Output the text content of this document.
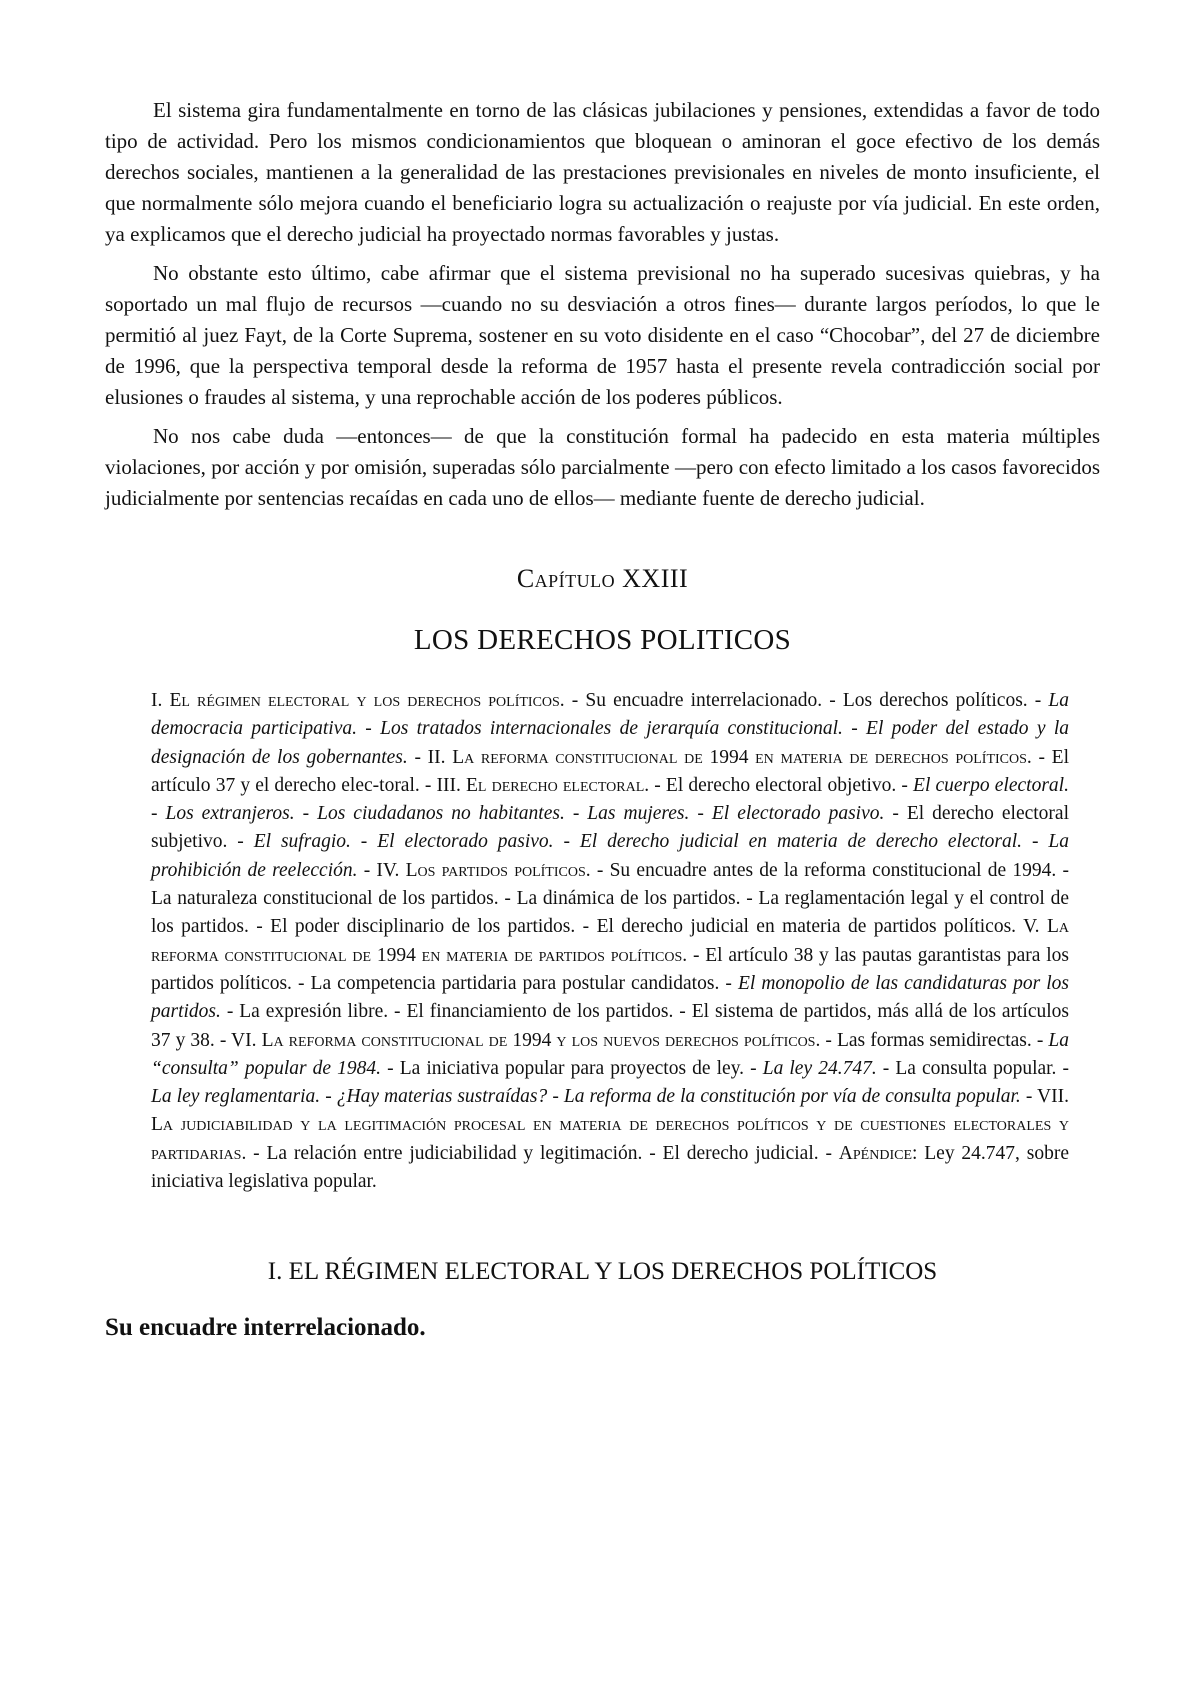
El sistema gira fundamentalmente en torno de las clásicas jubilaciones y pensiones, extendidas a favor de todo tipo de actividad. Pero los mismos condicionamientos que bloquean o aminoran el goce efectivo de los demás derechos sociales, mantienen a la generalidad de las prestaciones previsionales en niveles de monto insuficiente, el que normalmente sólo mejora cuando el beneficiario logra su actualización o reajuste por vía judicial. En este orden, ya explicamos que el derecho judicial ha proyectado normas favorables y justas.

No obstante esto último, cabe afirmar que el sistema previsional no ha superado sucesivas quiebras, y ha soportado un mal flujo de recursos —cuando no su desviación a otros fines— durante largos períodos, lo que le permitió al juez Fayt, de la Corte Suprema, sostener en su voto disidente en el caso “Chocobar”, del 27 de diciembre de 1996, que la perspectiva temporal desde la reforma de 1957 hasta el presente revela contradicción social por elusiones o fraudes al sistema, y una reprochable acción de los poderes públicos.

No nos cabe duda —entonces— de que la constitución formal ha padecido en esta materia múltiples violaciones, por acción y por omisión, superadas sólo parcialmente —pero con efecto limitado a los casos favorecidos judicialmente por sentencias recaídas en cada uno de ellos— mediante fuente de derecho judicial.

Capítulo XXIII
LOS DERECHOS POLITICOS
I. El régimen electoral y los derechos políticos. - Su encuadre interrelacionado. - Los derechos políticos. - La democracia participativa. - Los tratados internacionales de jerarquía constitucional. - El poder del estado y la designación de los gobernantes. - II. La reforma constitucional de 1994 en materia de derechos políticos. - El artículo 37 y el derecho elec-toral. - III. El derecho electoral. - El derecho electoral objetivo. - El cuerpo electoral. - Los extranjeros. - Los ciudadanos no habitantes. - Las mujeres. - El electorado pasivo. - El derecho electoral subjetivo. - El sufragio. - El electorado pasivo. - El derecho judicial en materia de derecho electoral. - La prohibición de reelección. - IV. Los partidos políticos. - Su encuadre antes de la reforma constitucional de 1994. - La naturaleza constitucional de los partidos. - La dinámica de los partidos. - La reglamentación legal y el control de los partidos. - El poder disciplinario de los partidos. - El derecho judicial en materia de partidos políticos. V. La reforma constitucional de 1994 en materia de partidos políticos. - El artículo 38 y las pautas garantistas para los partidos políticos. - La competencia partidaria para postular candidatos. - El monopolio de las candidaturas por los partidos. - La expresión libre. - El financiamiento de los partidos. - El sistema de partidos, más allá de los artículos 37 y 38. - VI. La reforma constitucional de 1994 y los nuevos derechos políticos. - Las formas semidirectas. - La “consulta” popular de 1984. - La iniciativa popular para proyectos de ley. - La ley 24.747. - La consulta popular. - La ley reglamentaria. - ¿Hay materias sustraídas? - La reforma de la constitución por vía de consulta popular. - VII. La judiciabilidad y la legitimación procesal en materia de derechos políticos y de cuestiones electorales y partidarias. - La relación entre judiciabilidad y legitimación. - El derecho judicial. - Apéndice: Ley 24.747, sobre iniciativa legislativa popular.
I. EL RÉGIMEN ELECTORAL Y LOS DERECHOS POLÍTICOS
Su encuadre interrelacionado.
